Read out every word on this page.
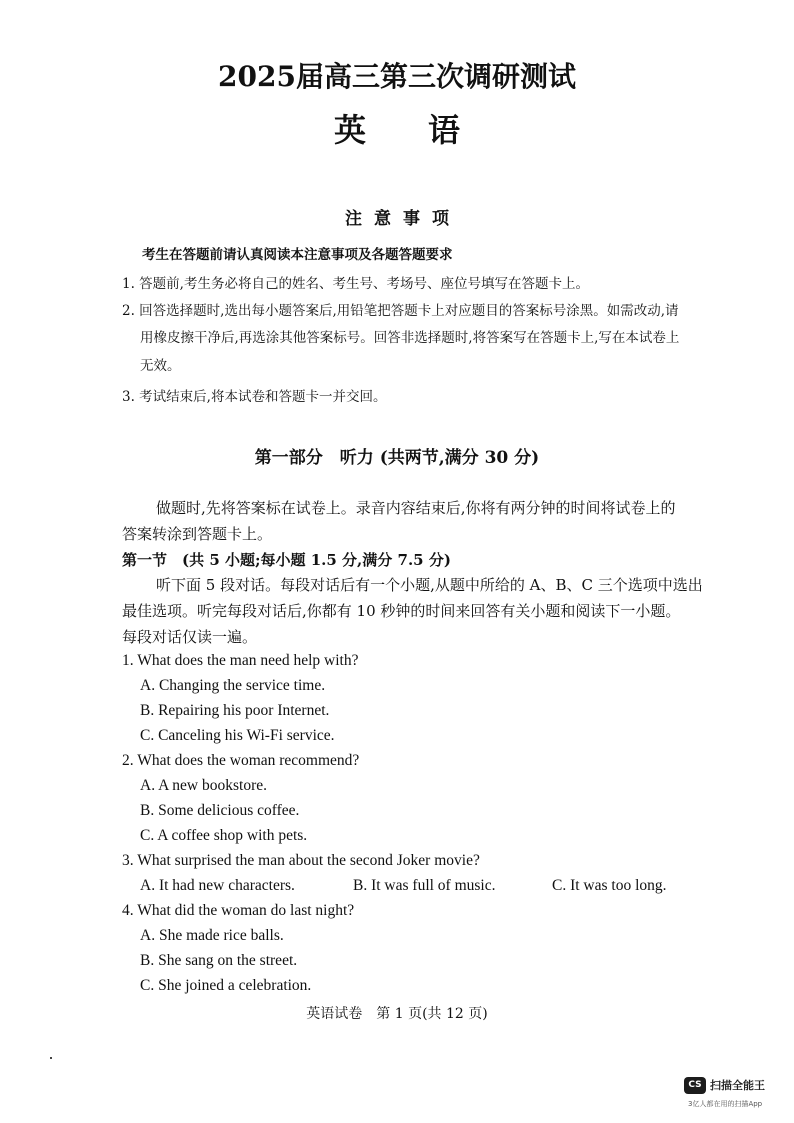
2025届高三第三次调研测试
英语
注意事项
考生在答题前请认真阅读本注意事项及各题答题要求
1. 答题前,考生务必将自己的姓名、考生号、考场号、座位号填写在答题卡上。
2. 回答选择题时,选出每小题答案后,用铅笔把答题卡上对应题目的答案标号涂黑。如需改动,请
用橡皮擦干净后,再选涂其他答案标号。回答非选择题时,将答案写在答题卡上,写在本试卷上
无效。
3. 考试结束后,将本试卷和答题卡一并交回。
第一部分　听力 (共两节,满分 30 分)
做题时,先将答案标在试卷上。录音内容结束后,你将有两分钟的时间将试卷上的
答案转涂到答题卡上。
第一节　(共 5 小题;每小题 1.5 分,满分 7.5 分)
听下面 5 段对话。每段对话后有一个小题,从题中所给的 A、B、C 三个选项中选出
最佳选项。听完每段对话后,你都有 10 秒钟的时间来回答有关小题和阅读下一小题。
每段对话仅读一遍。
1. What does the man need help with?
A. Changing the service time.
B. Repairing his poor Internet.
C. Canceling his Wi-Fi service.
2. What does the woman recommend?
A. A new bookstore.
B. Some delicious coffee.
C. A coffee shop with pets.
3. What surprised the man about the second Joker movie?
A. It had new characters.	B. It was full of music.	C. It was too long.
4. What did the woman do last night?
A. She made rice balls.
B. She sang on the street.
C. She joined a celebration.
英语试卷　第 1 页(共 12 页)
CS 扫描全能王
3亿人都在用的扫描App
